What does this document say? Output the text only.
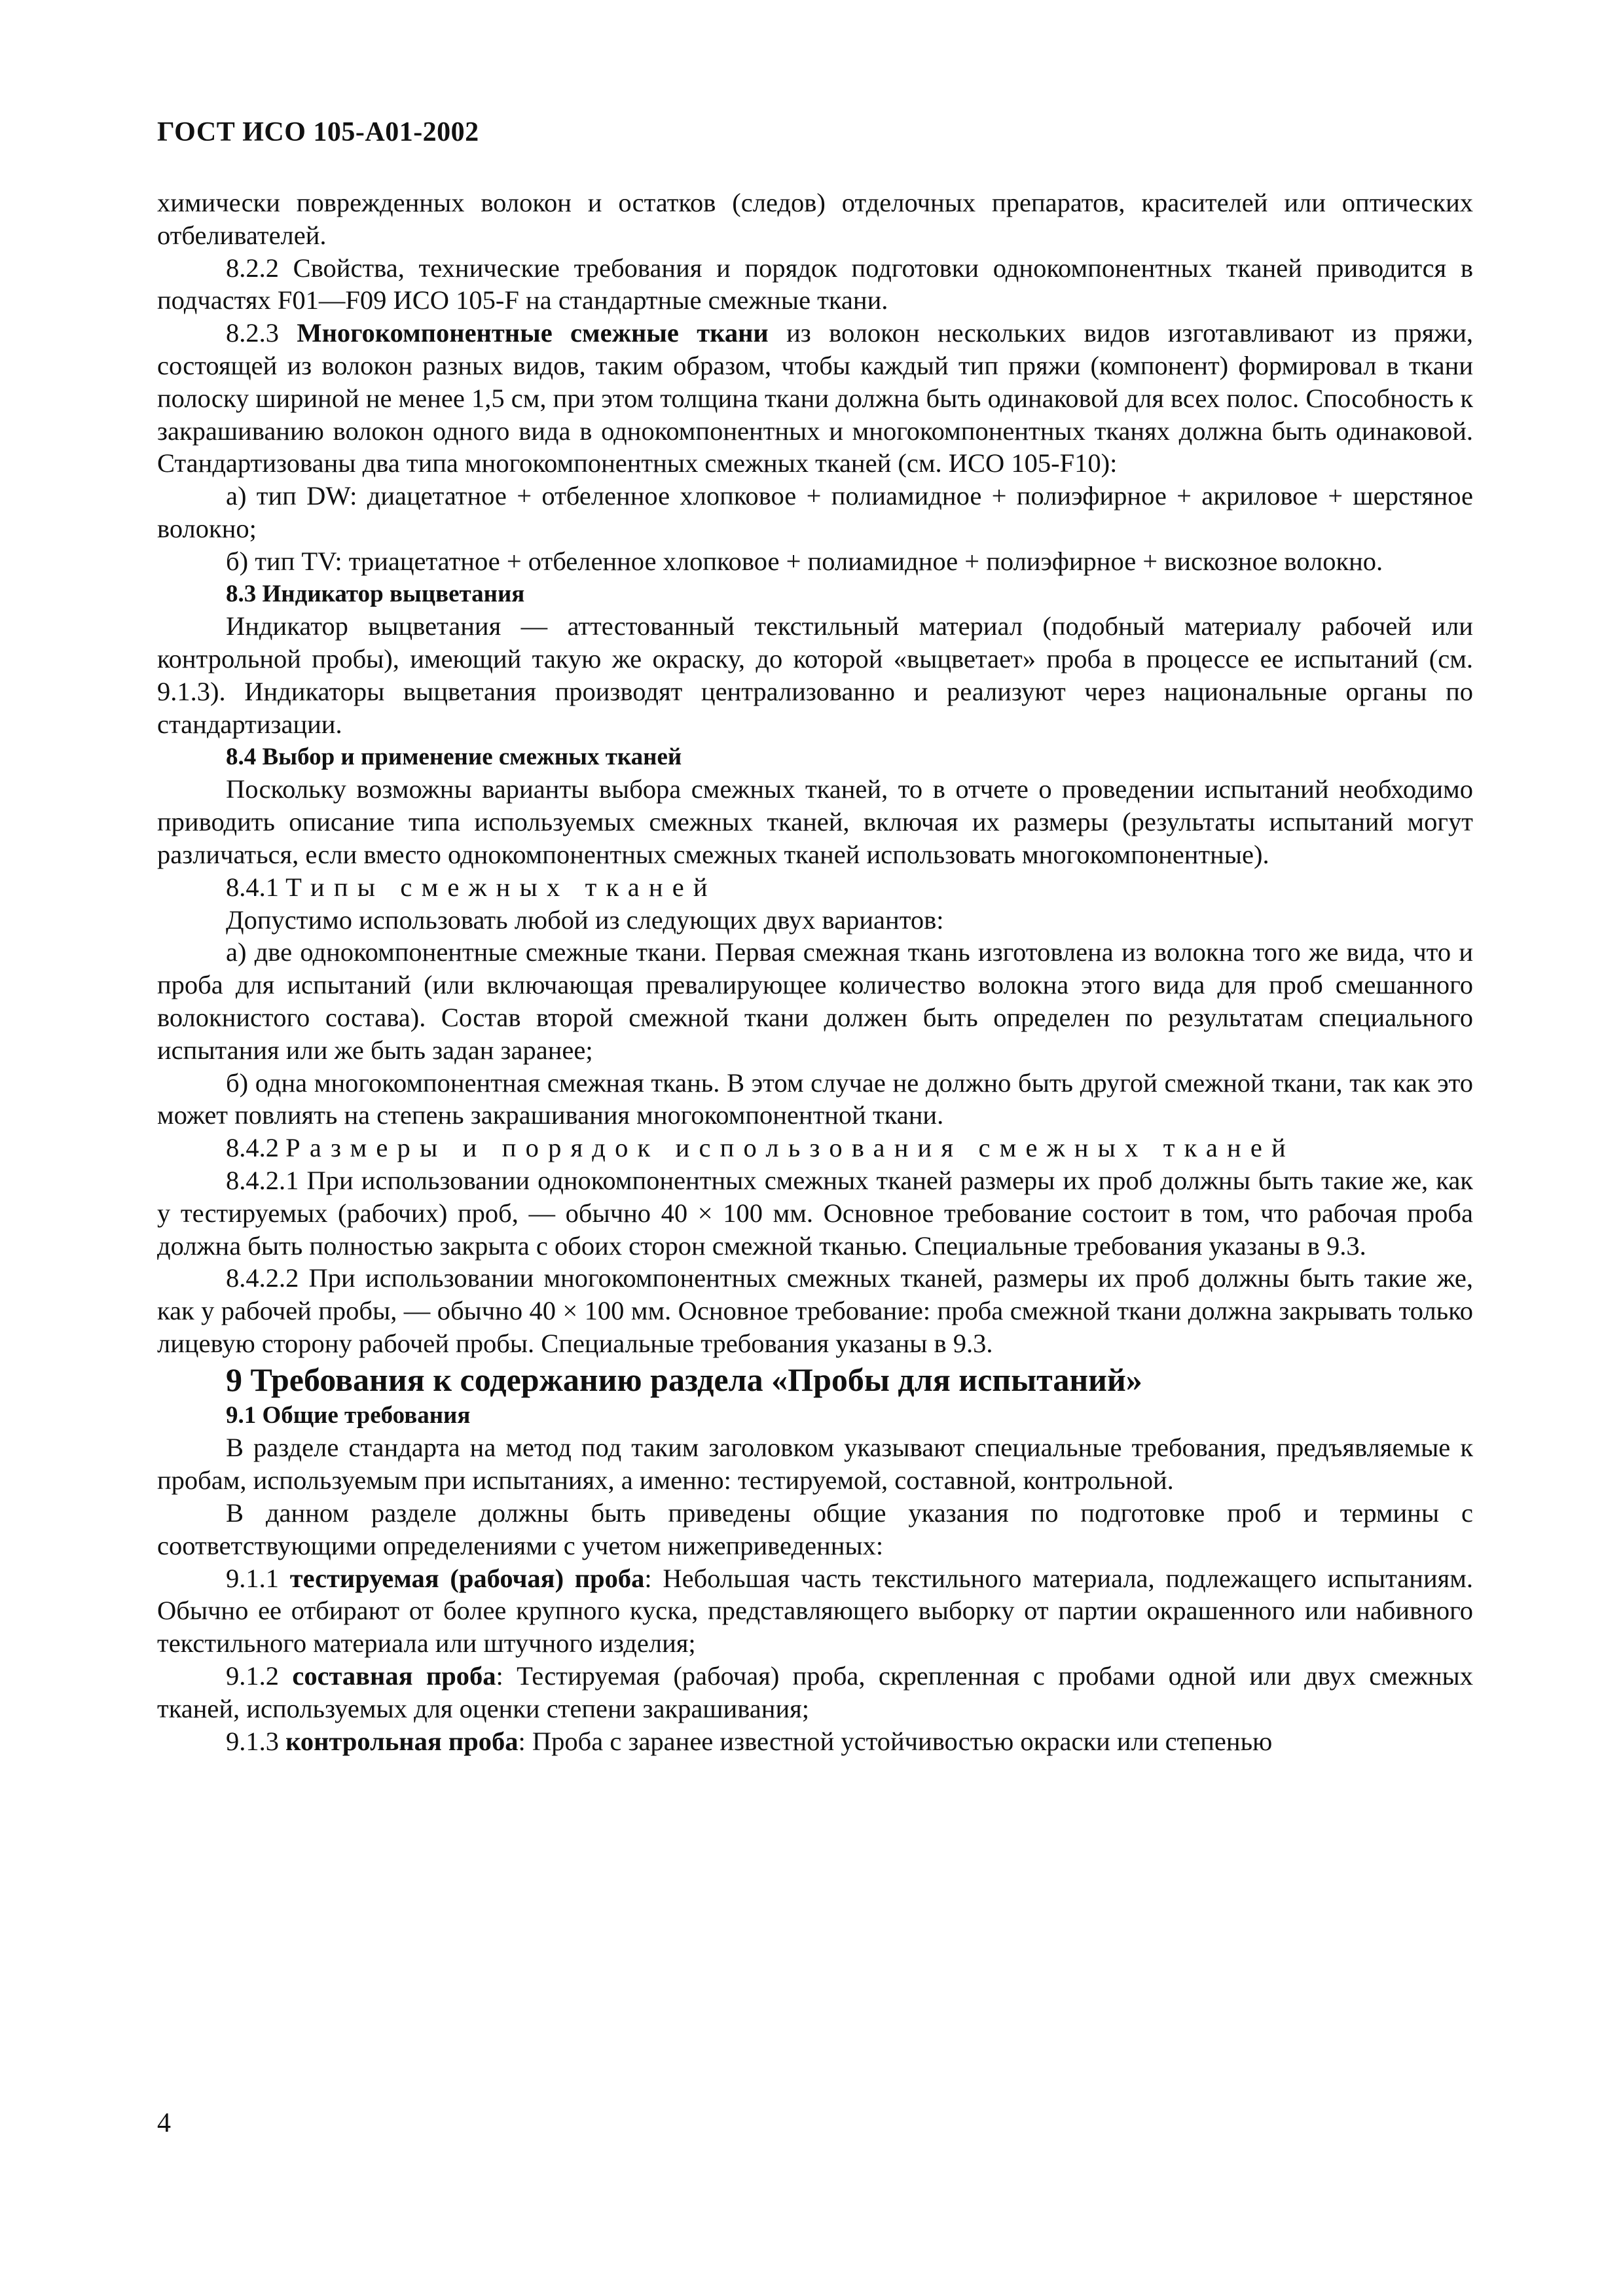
ГОСТ ИСО 105-А01-2002

химически поврежденных волокон и остатков (следов) отделочных препаратов, красителей или оптических отбеливателей.

8.2.2 Свойства, технические требования и порядок подготовки однокомпонентных тканей приводится в подчастях F01—F09 ИСО 105-F на стандартные смежные ткани.

8.2.3 Многокомпонентные смежные ткани из волокон нескольких видов изготавливают из пряжи, состоящей из волокон разных видов, таким образом, чтобы каждый тип пряжи (компонент) формировал в ткани полоску шириной не менее 1,5 см, при этом толщина ткани должна быть одинаковой для всех полос. Способность к закрашиванию волокон одного вида в однокомпонентных и многокомпонентных тканях должна быть одинаковой. Стандартизованы два типа многокомпонентных смежных тканей (см. ИСО 105-F10):

а) тип DW: диацетатное + отбеленное хлопковое + полиамидное + полиэфирное + акриловое + шерстяное волокно;

б) тип TV: триацетатное + отбеленное хлопковое + полиамидное + полиэфирное + вискозное волокно.

8.3 Индикатор выцветания

Индикатор выцветания — аттестованный текстильный материал (подобный материалу рабочей или контрольной пробы), имеющий такую же окраску, до которой «выцветает» проба в процессе ее испытаний (см. 9.1.3). Индикаторы выцветания производят централизованно и реализуют через национальные органы по стандартизации.

8.4 Выбор и применение смежных тканей

Поскольку возможны варианты выбора смежных тканей, то в отчете о проведении испытаний необходимо приводить описание типа используемых смежных тканей, включая их размеры (результаты испытаний могут различаться, если вместо однокомпонентных смежных тканей использовать многокомпонентные).

8.4.1 Типы смежных тканей

Допустимо использовать любой из следующих двух вариантов:

а) две однокомпонентные смежные ткани. Первая смежная ткань изготовлена из волокна того же вида, что и проба для испытаний (или включающая превалирующее количество волокна этого вида для проб смешанного волокнистого состава). Состав второй смежной ткани должен быть определен по результатам специального испытания или же быть задан заранее;

б) одна многокомпонентная смежная ткань. В этом случае не должно быть другой смежной ткани, так как это может повлиять на степень закрашивания многокомпонентной ткани.

8.4.2 Размеры и порядок использования смежных тканей

8.4.2.1 При использовании однокомпонентных смежных тканей размеры их проб должны быть такие же, как у тестируемых (рабочих) проб, — обычно 40 × 100 мм. Основное требование состоит в том, что рабочая проба должна быть полностью закрыта с обоих сторон смежной тканью. Специальные требования указаны в 9.3.

8.4.2.2 При использовании многокомпонентных смежных тканей, размеры их проб должны быть такие же, как у рабочей пробы, — обычно 40 × 100 мм. Основное требование: проба смежной ткани должна закрывать только лицевую сторону рабочей пробы. Специальные требования указаны в 9.3.

9 Требования к содержанию раздела «Пробы для испытаний»

9.1 Общие требования

В разделе стандарта на метод под таким заголовком указывают специальные требования, предъявляемые к пробам, используемым при испытаниях, а именно: тестируемой, составной, контрольной.

В данном разделе должны быть приведены общие указания по подготовке проб и термины с соответствующими определениями с учетом нижеприведенных:

9.1.1 тестируемая (рабочая) проба: Небольшая часть текстильного материала, подлежащего испытаниям. Обычно ее отбирают от более крупного куска, представляющего выборку от партии окрашенного или набивного текстильного материала или штучного изделия;

9.1.2 составная проба: Тестируемая (рабочая) проба, скрепленная с пробами одной или двух смежных тканей, используемых для оценки степени закрашивания;

9.1.3 контрольная проба: Проба с заранее известной устойчивостью окраски или степенью

4
